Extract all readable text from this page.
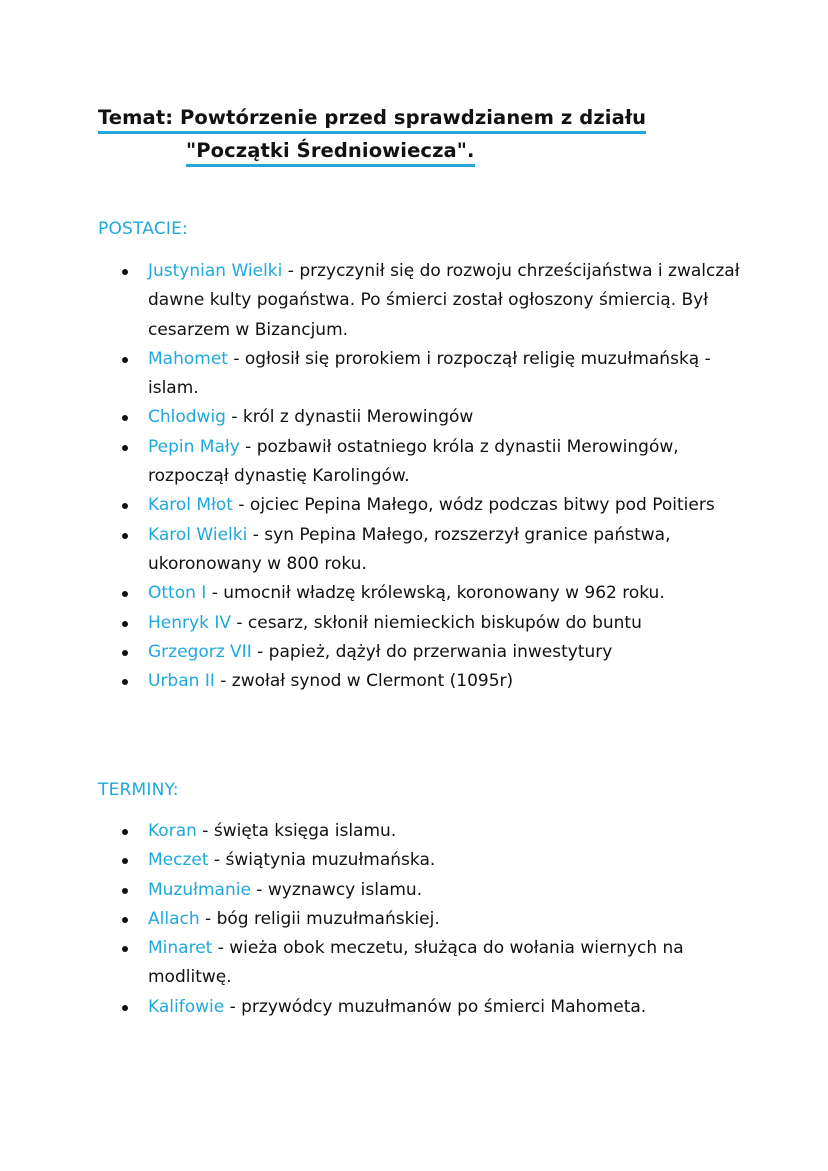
Temat: Powtórzenie przed sprawdzianem z działu
"Początki Średniowiecza".
POSTACIE:
Justynian Wielki - przyczynił się do rozwoju chrześcijaństwa i zwalczał dawne kulty pogaństwa. Po śmierci został ogłoszony śmiercią. Był cesarzem w Bizancjum.
Mahomet - ogłosił się prorokiem i rozpoczął religię muzułmańską - islam.
Chlodwig - król z dynastii Merowingów
Pepin Mały - pozbawił ostatniego króla z dynastii Merowingów, rozpoczął dynastię Karolingów.
Karol Młot - ojciec Pepina Małego, wódz podczas bitwy pod Poitiers
Karol Wielki - syn Pepina Małego, rozszerzył granice państwa, ukoronowany w 800 roku.
Otton I - umocnił władzę królewską, koronowany w 962 roku.
Henryk IV - cesarz, skłonił niemieckich biskupów do buntu
Grzegorz VII - papież, dążył do przerwania inwestytury
Urban II - zwołał synod w Clermont (1095r)
TERMINY:
Koran - święta księga islamu.
Meczet - świątynia muzułmańska.
Muzułmanie - wyznawcy islamu.
Allach - bóg religii muzułmańskiej.
Minaret - wieża obok meczetu, służąca do wołania wiernych na modlitwę.
Kalifowie - przywódcy muzułmanów po śmierci Mahometa.
